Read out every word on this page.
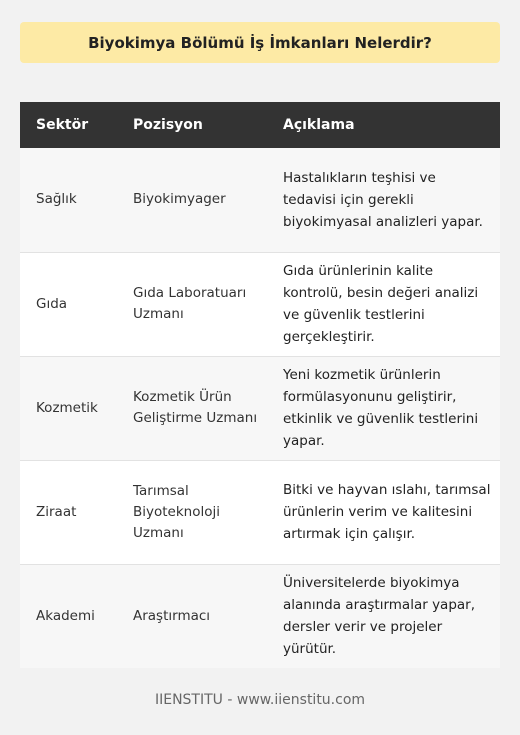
Biyokimya Bölümü İş İmkanları Nelerdir?
Sektör	Pozisyon	Açıklama
Sağlık	Biyokimyager	Hastalıkların teşhisi ve tedavisi için gerekli biyokimyasal analizleri yapar.
Gıda	Gıda Laboratuarı Uzmanı	Gıda ürünlerinin kalite kontrolü, besin değeri analizi ve güvenlik testlerini gerçekleştirir.
Kozmetik	Kozmetik Ürün Geliştirme Uzmanı	Yeni kozmetik ürünlerin formülasyonunu geliştirir, etkinlik ve güvenlik testlerini yapar.
Ziraat	Tarımsal Biyoteknoloji Uzmanı	Bitki ve hayvan ıslahı, tarımsal ürünlerin verim ve kalitesini artırmak için çalışır.
Akademi	Araştırmacı	Üniversitelerde biyokimya alanında araştırmalar yapar, dersler verir ve projeler yürütür.
IIENSTITU - www.iienstitu.com
